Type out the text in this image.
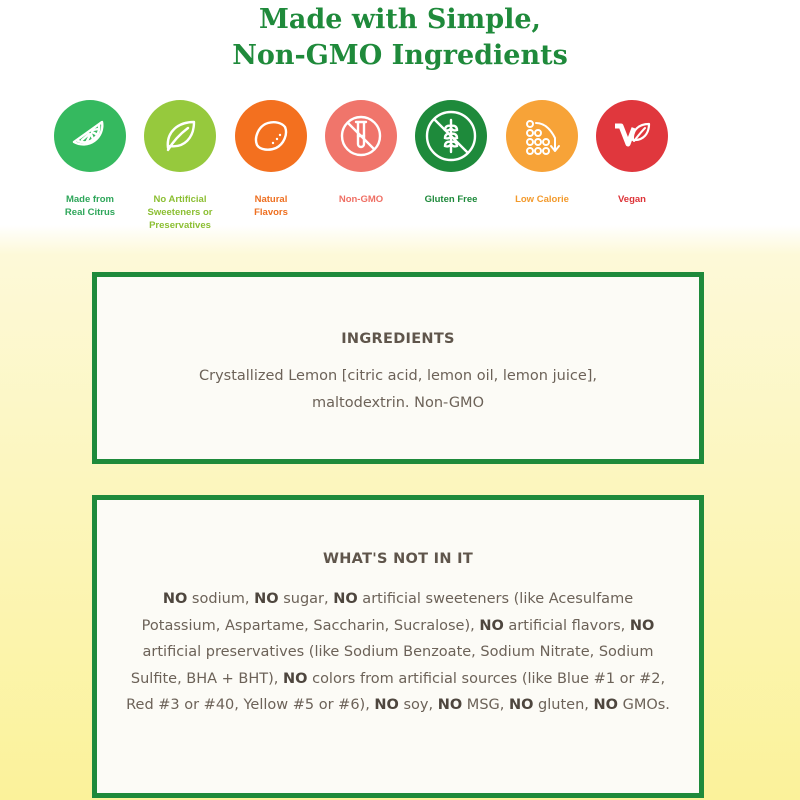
Made with Simple,
Non-GMO Ingredients
Made from
Real Citrus
No Artificial
Sweeteners or
Preservatives
Natural
Flavors
Non-GMO	Gluten Free	Low Calorie	Vegan
INGREDIENTS

Crystallized Lemon [citric acid, lemon oil, lemon juice],
maltodextrin. Non-GMO

WHAT'S NOT IN IT

NO sodium, NO sugar, NO artificial sweeteners (like Acesulfame Potassium, Aspartame, Saccharin, Sucralose), NO artificial flavors, NO artificial preservatives (like Sodium Benzoate, Sodium Nitrate, Sodium Sulfite, BHA + BHT), NO colors from artificial sources (like Blue #1 or #2, Red #3 or #40, Yellow #5 or #6), NO soy, NO MSG, NO gluten, NO GMOs.
